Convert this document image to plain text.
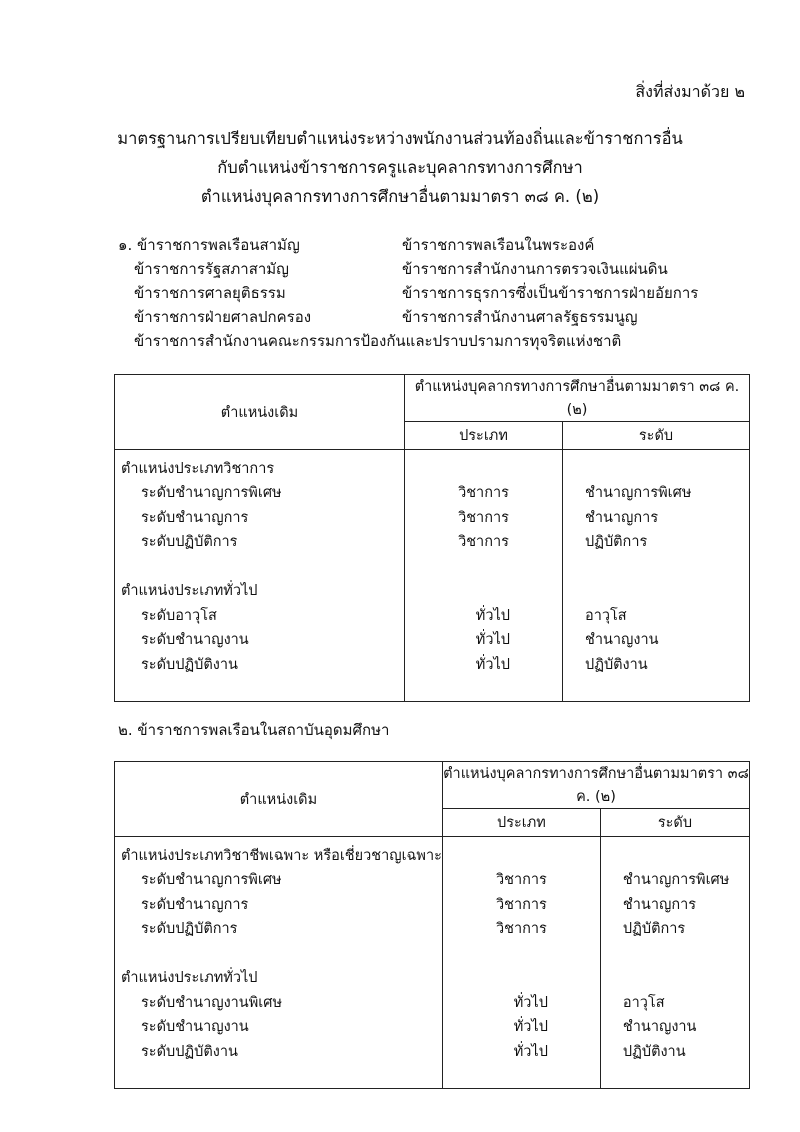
สิ่งที่ส่งมาด้วย ๒
มาตรฐานการเปรียบเทียบตำแหน่งระหว่างพนักงานส่วนท้องถิ่นและข้าราชการอื่น
กับตำแหน่งข้าราชการครูและบุคลากรทางการศึกษา
ตำแหน่งบุคลากรทางการศึกษาอื่นตามมาตรา ๓๘ ค. (๒)
๑. ข้าราชการพลเรือนสามัญ	ข้าราชการพลเรือนในพระองค์
ข้าราชการรัฐสภาสามัญ	ข้าราชการสำนักงานการตรวจเงินแผ่นดิน
ข้าราชการศาลยุติธรรม	ข้าราชการธุรการซึ่งเป็นข้าราชการฝ่ายอัยการ
ข้าราชการฝ่ายศาลปกครอง	ข้าราชการสำนักงานศาลรัฐธรรมนูญ
ข้าราชการสำนักงานคณะกรรมการป้องกันและปราบปรามการทุจริตแห่งชาติ
ตำแหน่งเดิม	ตำแหน่งบุคลากรทางการศึกษาอื่นตามมาตรา ๓๘ ค. (๒)	
	ประเภท	ระดับ

ตำแหน่งประเภทวิชาการ		
ระดับชำนาญการพิเศษ	วิชาการ	ชำนาญการพิเศษ
ระดับชำนาญการ	วิชาการ	ชำนาญการ
ระดับปฏิบัติการ	วิชาการ	ปฏิบัติการ

ตำแหน่งประเภททั่วไป		
ระดับอาวุโส	ทั่วไป	อาวุโส
ระดับชำนาญงาน	ทั่วไป	ชำนาญงาน
ระดับปฏิบัติงาน	ทั่วไป	ปฏิบัติงาน

๒. ข้าราชการพลเรือนในสถาบันอุดมศึกษา
ตำแหน่งเดิม	ตำแหน่งบุคลากรทางการศึกษาอื่นตามมาตรา ๓๘ ค. (๒)	
	ประเภท	ระดับ

ตำแหน่งประเภทวิชาชีพเฉพาะ หรือเชี่ยวชาญเฉพาะ		
ระดับชำนาญการพิเศษ	วิชาการ	ชำนาญการพิเศษ
ระดับชำนาญการ	วิชาการ	ชำนาญการ
ระดับปฏิบัติการ	วิชาการ	ปฏิบัติการ

ตำแหน่งประเภททั่วไป		
ระดับชำนาญงานพิเศษ	ทั่วไป	อาวุโส
ระดับชำนาญงาน	ทั่วไป	ชำนาญงาน
ระดับปฏิบัติงาน	ทั่วไป	ปฏิบัติงาน
